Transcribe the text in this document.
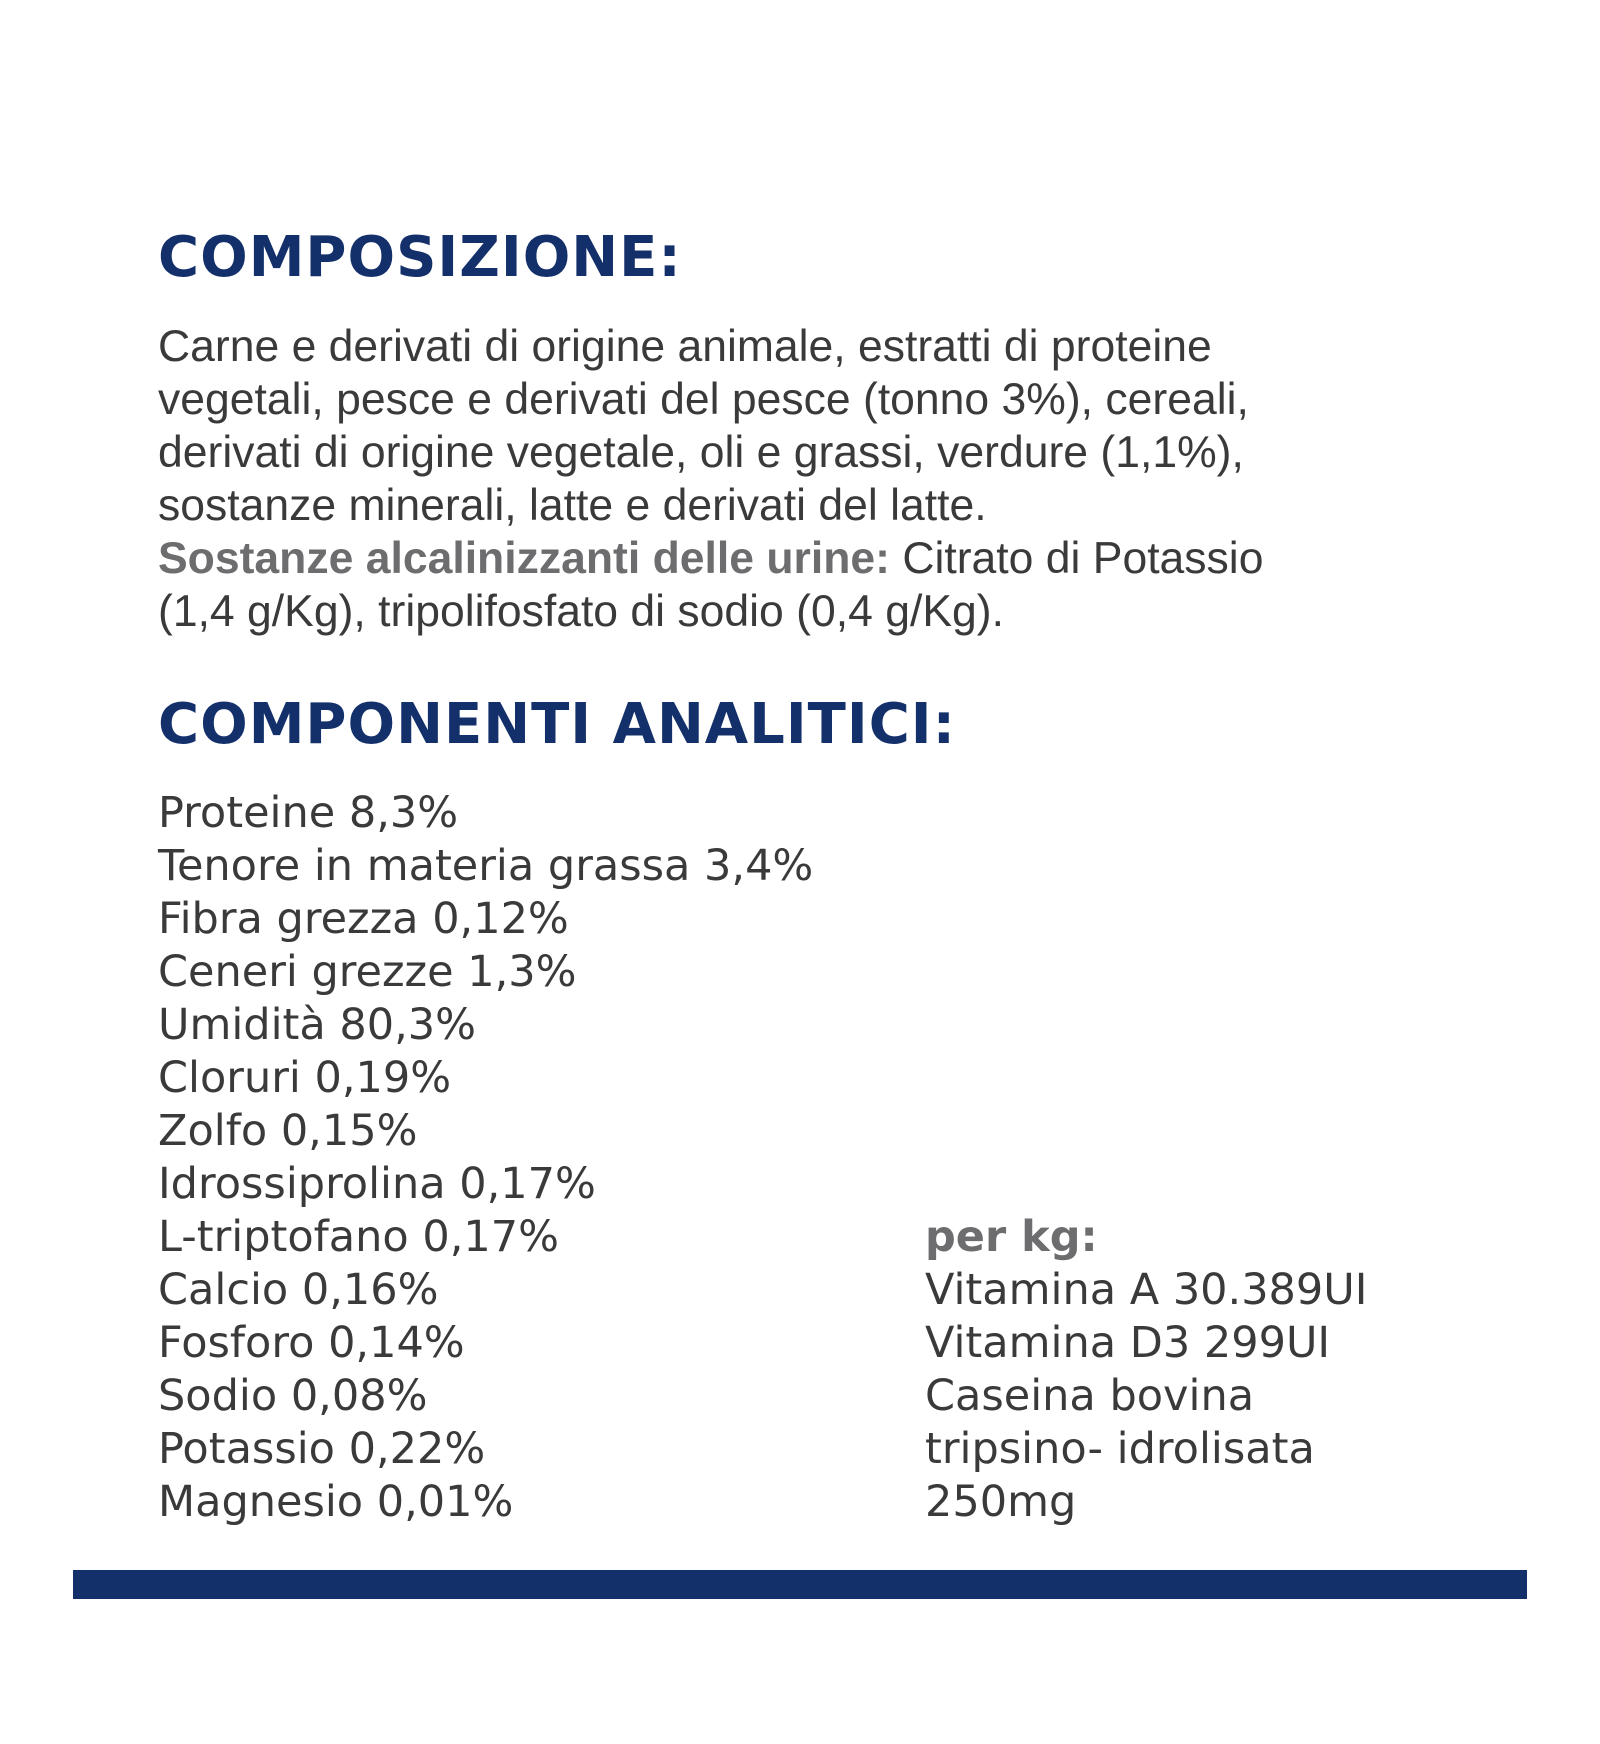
COMPOSIZIONE:

Carne e derivati di origine animale, estratti di proteine
vegetali, pesce e derivati del pesce (tonno 3%), cereali,
derivati di origine vegetale, oli e grassi, verdure (1,1%),
sostanze minerali, latte e derivati del latte.
Sostanze alcalinizzanti delle urine: Citrato di Potassio
(1,4 g/Kg), tripolifosfato di sodio (0,4 g/Kg).

COMPONENTI ANALITICI:
Proteine 8,3%
Tenore in materia grassa 3,4%
Fibra grezza 0,12%
Ceneri grezze 1,3%
Umidità 80,3%
Cloruri 0,19%
Zolfo 0,15%
Idrossiprolina 0,17%
L-triptofano 0,17%
Calcio 0,16%
Fosforo 0,14%
Sodio 0,08%
Potassio 0,22%
Magnesio 0,01%
per kg:
Vitamina A 30.389UI
Vitamina D3 299UI
Caseina bovina
tripsino- idrolisata
250mg
